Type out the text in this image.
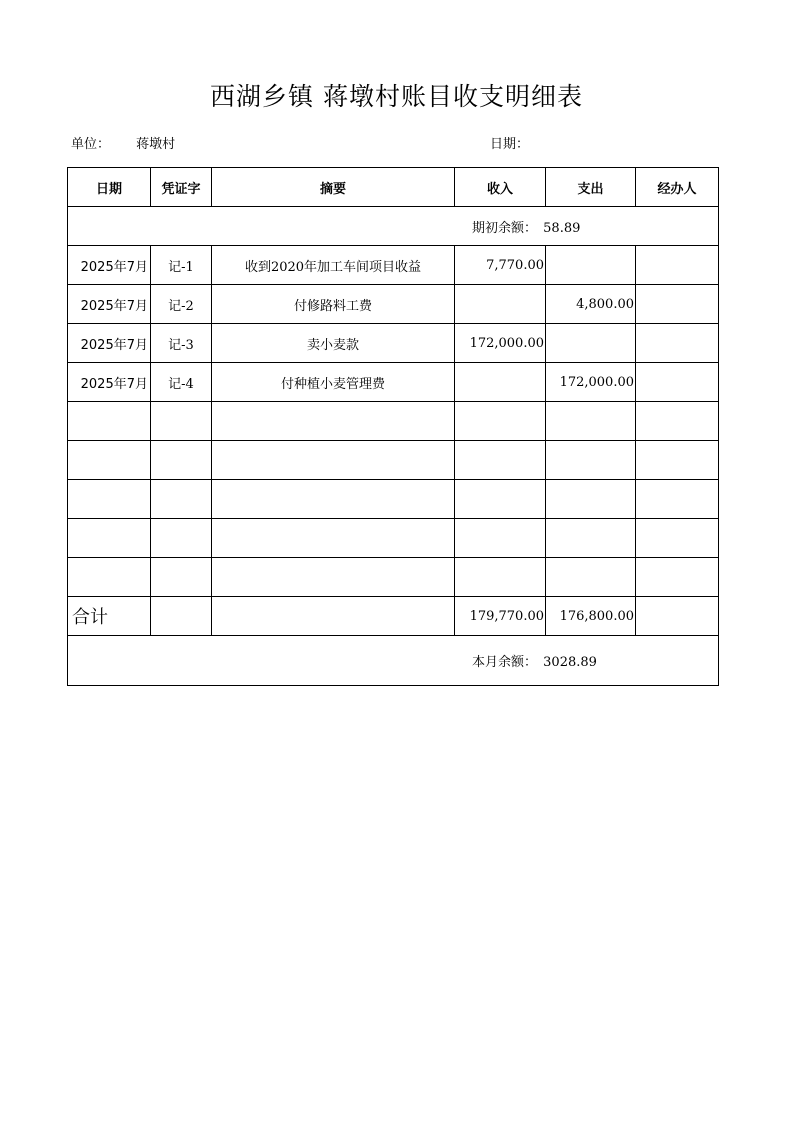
西湖乡镇 蒋墩村账目收支明细表
单位： 蒋墩村	日期：
日期	凭证字	摘要	收入	支出	经办人
期初余额： 58.89					
2025年7月	记-1	收到2020年加工车间项目收益	7,770.00		
2025年7月	记-2	付修路料工费		4,800.00	
2025年7月	记-3	卖小麦款	172,000.00		
2025年7月	记-4	付种植小麦管理费		172,000.00	

合计			179,770.00	176,800.00	
本月余额： 3028.89					
